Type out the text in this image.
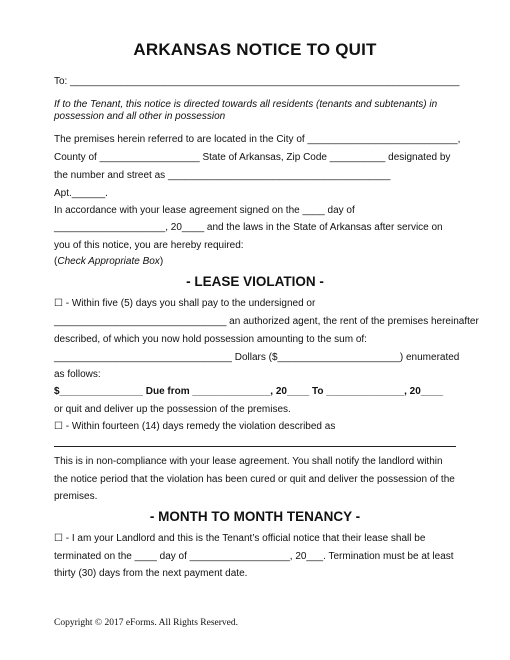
ARKANSAS NOTICE TO QUIT
To: ______________________________________________________________________
If to the Tenant, this notice is directed towards all residents (tenants and subtenants) in
possession and all other in possession
The premises herein referred to are located in the City of ___________________________,
County of __________________ State of Arkansas, Zip Code __________ designated by
the number and street as ________________________________________
Apt.______.
In accordance with your lease agreement signed on the ____ day of
____________________, 20____ and the laws in the State of Arkansas after service on
you of this notice, you are hereby required:
(Check Appropriate Box)
- LEASE VIOLATION -
☐ - Within five (5) days you shall pay to the undersigned or
_______________________________ an authorized agent, the rent of the premises hereinafter
described, of which you now hold possession amounting to the sum of:
________________________________ Dollars ($______________________) enumerated
as follows:
$_______________ Due from ______________, 20____ To ______________, 20____
or quit and deliver up the possession of the premises.
☐ - Within fourteen (14) days remedy the violation described as
This is in non-compliance with your lease agreement. You shall notify the landlord within
the notice period that the violation has been cured or quit and deliver the possession of the
premises.
- MONTH TO MONTH TENANCY -
☐ - I am your Landlord and this is the Tenant’s official notice that their lease shall be
terminated on the ____ day of __________________, 20___. Termination must be at least
thirty (30) days from the next payment date.
Copyright © 2017 eForms. All Rights Reserved.
